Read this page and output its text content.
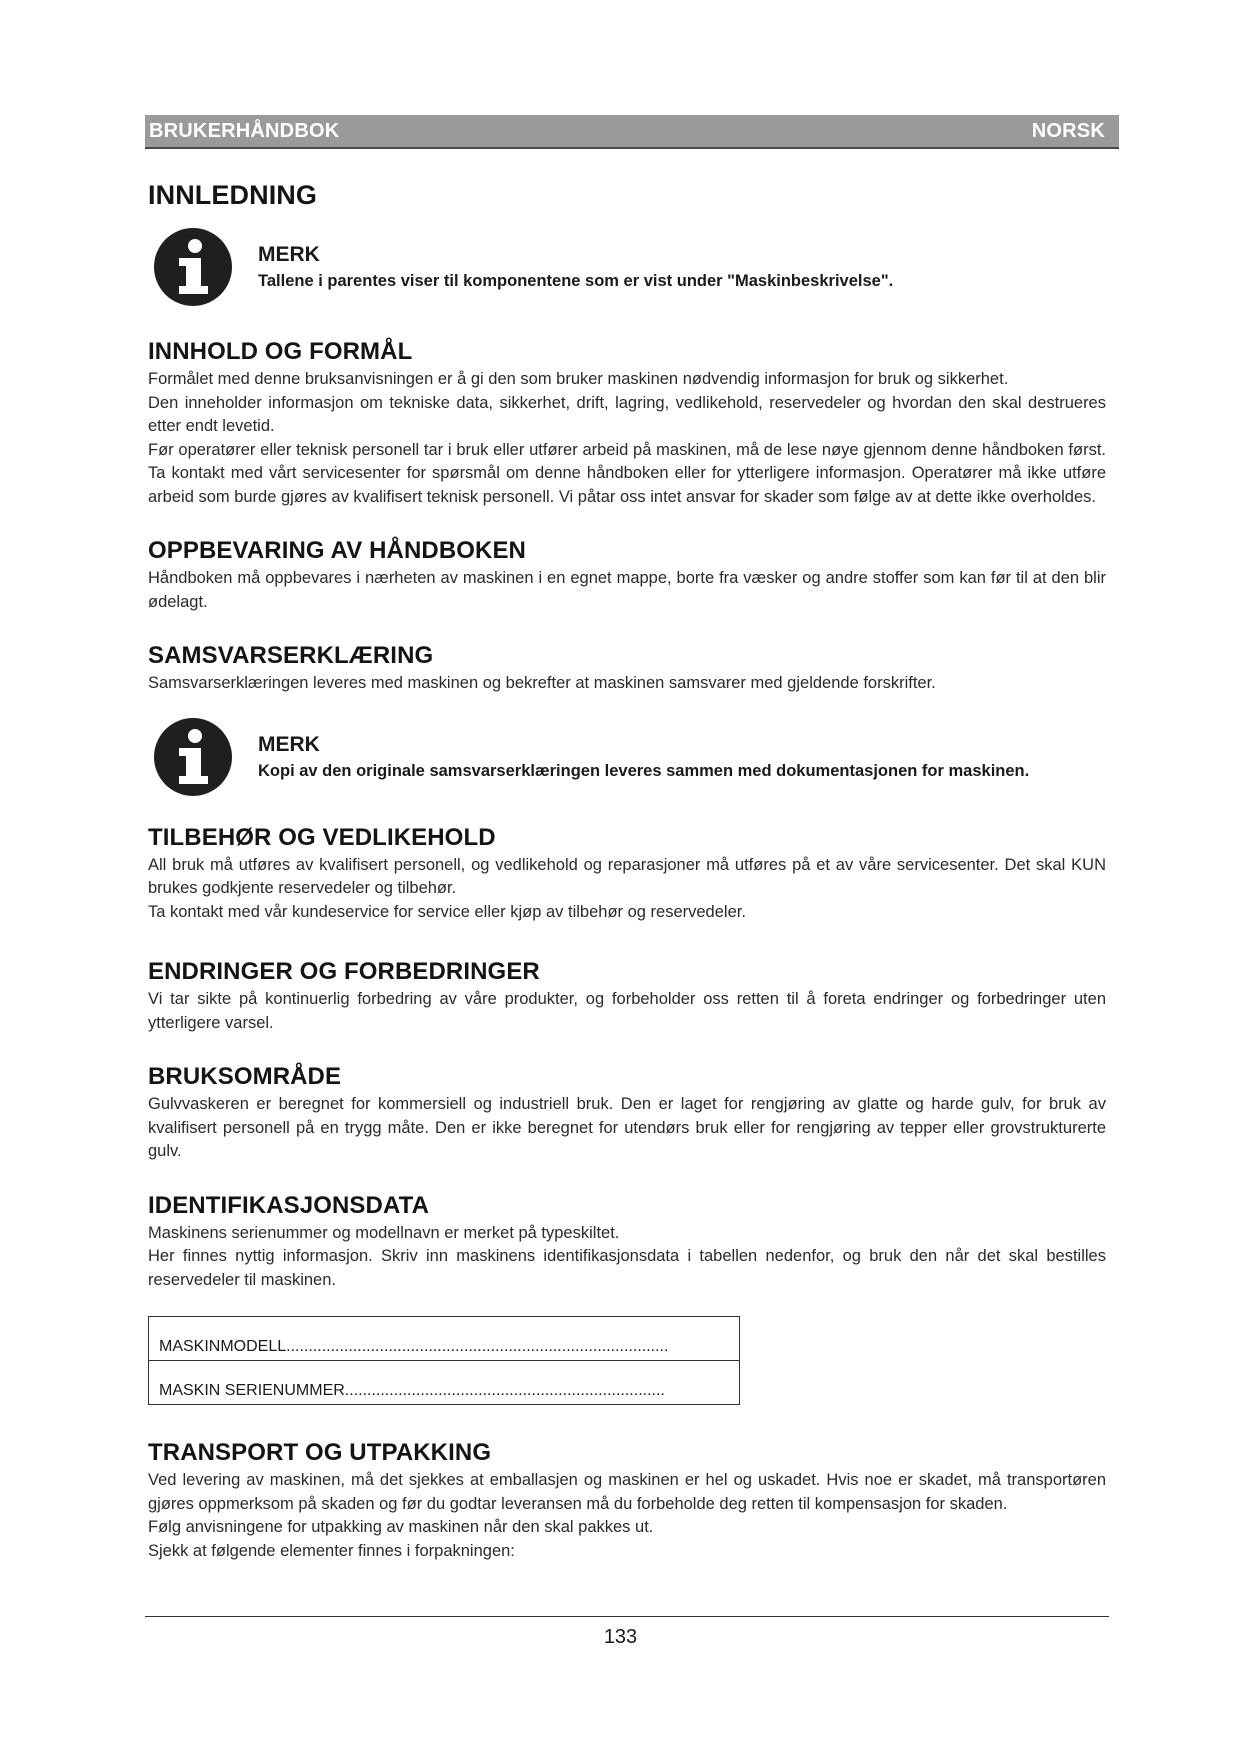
BRUKERHÅNDBOK	NORSK
INNLEDNING
MERK
Tallene i parentes viser til komponentene som er vist under "Maskinbeskrivelse".
INNHOLD OG FORMÅL

Formålet med denne bruksanvisningen er å gi den som bruker maskinen nødvendig informasjon for bruk og sikkerhet.

Den inneholder informasjon om tekniske data, sikkerhet, drift, lagring, vedlikehold, reservedeler og hvordan den skal destrueres etter endt levetid.

Før operatører eller teknisk personell tar i bruk eller utfører arbeid på maskinen, må de lese nøye gjennom denne håndboken først. Ta kontakt med vårt servicesenter for spørsmål om denne håndboken eller for ytterligere informasjon. Operatører må ikke utføre arbeid som burde gjøres av kvalifisert teknisk personell. Vi påtar oss intet ansvar for skader som følge av at dette ikke overholdes.

OPPBEVARING AV HÅNDBOKEN

Håndboken må oppbevares i nærheten av maskinen i en egnet mappe, borte fra væsker og andre stoffer som kan før til at den blir ødelagt.

SAMSVARSERKLÆRING

Samsvarserklæringen leveres med maskinen og bekrefter at maskinen samsvarer med gjeldende forskrifter.

MERK
Kopi av den originale samsvarserklæringen leveres sammen med dokumentasjonen for maskinen.
TILBEHØR OG VEDLIKEHOLD

All bruk må utføres av kvalifisert personell, og vedlikehold og reparasjoner må utføres på et av våre servicesenter. Det skal KUN brukes godkjente reservedeler og tilbehør.

Ta kontakt med vår kundeservice for service eller kjøp av tilbehør og reservedeler.

ENDRINGER OG FORBEDRINGER

Vi tar sikte på kontinuerlig forbedring av våre produkter, og forbeholder oss retten til å foreta endringer og forbedringer uten ytterligere varsel.

BRUKSOMRÅDE

Gulvvaskeren er beregnet for kommersiell og industriell bruk. Den er laget for rengjøring av glatte og harde gulv, for bruk av kvalifisert personell på en trygg måte. Den er ikke beregnet for utendørs bruk eller for rengjøring av tepper eller grovstrukturerte gulv.

IDENTIFIKASJONSDATA

Maskinens serienummer og modellnavn er merket på typeskiltet.

Her finnes nyttig informasjon. Skriv inn maskinens identifikasjonsdata i tabellen nedenfor, og bruk den når det skal bestilles reservedeler til maskinen.

MASKINMODELL......................................................................................
MASKIN SERIENUMMER........................................................................
TRANSPORT OG UTPAKKING

Ved levering av maskinen, må det sjekkes at emballasjen og maskinen er hel og uskadet. Hvis noe er skadet, må transportøren gjøres oppmerksom på skaden og før du godtar leveransen må du forbeholde deg retten til kompensasjon for skaden.

Følg anvisningene for utpakking av maskinen når den skal pakkes ut.

Sjekk at følgende elementer finnes i forpakningen:

133
